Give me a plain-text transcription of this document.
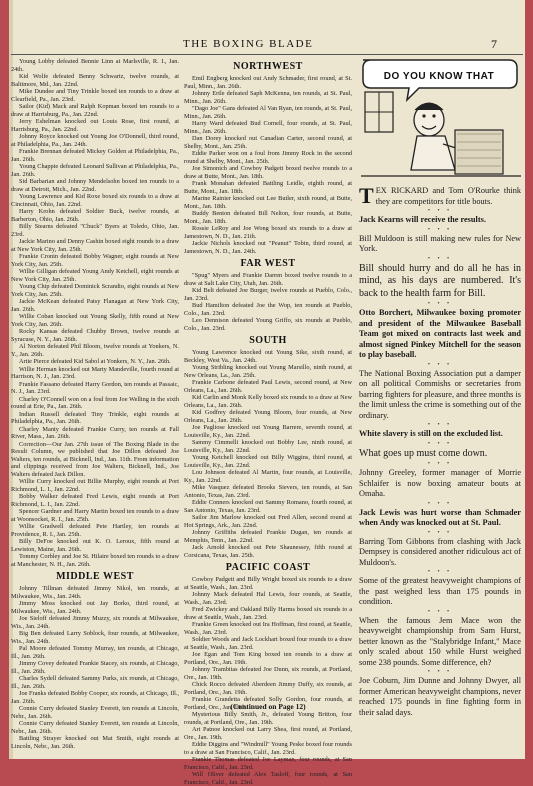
THE BOXING BLADE	7

Young Lobby defeated Bennie Linn at Marlsville, R. I., Jan. 24th.

Kid Wolfe defeated Benny Schwartz, twelve rounds, at Baltimore, Md., Jan. 22nd.

Mike Dundee and Tiny Trinkle boxed ten rounds to a draw at Clearfield, Pa., Jan. 23rd.

Sailor (Kid) Mack and Ralph Kopman boxed ten rounds to a draw at Harrisburg, Pa., Jan. 22nd.

Jerry Eshelman knocked out Louis Rose, first round, at Harrisburg, Pa., Jan. 22nd.

Johnny Royce knocked out Young Joe O'Donnell, third round, at Philadelphia, Pa., Jan. 24th.

Frankie Brennan defeated Mickey Golden at Philadelphia, Pa., Jan. 26th.

Young Chappie defeated Leonard Sullivan at Philadelphia, Pa., Jan. 26th.

Sid Barbarian and Johnny Mendelsohn boxed ten rounds to a draw at Detroit, Mich., Jan. 22nd.

Young Lawrence and Kid Roxe boxed six rounds to a draw at Cincinnati, Ohio, Jan. 22nd.

Harry Krohn defeated Soldier Buck, twelve rounds, at Barberton, Ohio, Jan. 26th.

Billy Stearns defeated "Chuck" Byers at Toledo, Ohio, Jan. 23rd.

Jackie Marino and Denny Cashin boxed eight rounds to a draw at New York City, Jan. 25th.

Frankie Cronin defeated Bobby Wagner, eight rounds at New York City, Jan. 25th.

Willie Gilligan defeated Young Andy Ketchell, eight rounds at New York City, Jan. 25th.

Young Chip defeated Dominick Scrandio, eight rounds at New York City, Jan. 25th.

Jackie McKean defeated Patsy Flanagan at New York City, Jan. 26th.

Willie Coban knocked out Young Skelly, fifth round at New York City, Jan. 26th.

Rocky Kansas defeated Chubby Brown, twelve rounds at Syracuse, N. Y., Jan. 26th.

Al Norton defeated Phil Bloom, twelve rounds at Yonkers, N. Y., Jan. 26th.

Artie Pierce defeated Kid Sabol at Yonkers, N. Y., Jan. 26th.

Willie Herman knocked out Marty Mandeville, fourth round at Harrison, N. J., Jan. 23rd.

Frankie Fassano defeated Harry Gordon, ten rounds at Passaic, N. J., Jan. 23rd.

Charley O'Connell won on a foul from Joe Welling in the sixth round at Erie, Pa., Jan. 26th.

Indian Russell defeated Tiny Trinkle, eight rounds at Philadelphia, Pa., Jan. 26th.

Charley Manty defeated Frankie Curry, ten rounds at Fall River, Mass., Jan. 26th.

Correction—Our Jan. 27th issue of The Boxing Blade in the Result Column, we published that Joe Dillon defeated Joe Walters, ten rounds, at Bicknell, Ind., Jan. 11th. From information and clippings received from Joe Walters, Bicknell, Ind., Joe Walters defeated Jack Dillon.

Willie Curry knocked out Billie Murphy, eight rounds at Port Richmond, L. I., Jan. 22nd.

Bobby Walker defeated Fred Lewis, eight rounds at Port Richmond, L. I., Jan. 22nd.

Spencer Gardner and Harry Martin boxed ten rounds to a draw at Woonsocket, R. I., Jan. 25th.

Willie Gradwell defeated Pete Hartley, ten rounds at Providence, R. I., Jan. 25th.

Billy DeFoe knocked out K. O. Leroux, fifth round at Lewiston, Maine, Jan. 26th.

Tommy Corbley and Joe St. Hilaire boxed ten rounds to a draw at Manchester, N. H., Jan. 26th.

MIDDLE WEST

Johnny Tillman defeated Jimmy Nikol, ten rounds, at Milwaukee, Wis., Jan. 24th.

Jimmy Moss knocked out Jay Borko, third round, at Milwaukee, Wis., Jan. 24th.

Joe Sieloff defeated Jimmy Muzzy, six rounds at Milwaukee, Wis., Jan. 24th.

Big Ben defeated Larry Soblock, four rounds, at Milwaukee, Wis., Jan. 24th.

Pal Moore defeated Tommy Murray, ten rounds, at Chicago, Ill., Jan. 26th.

Jimmy Covey defeated Frankie Stacey, six rounds, at Chicago, Ill., Jan. 26th.

Charles Sydell defeated Sammy Parks, six rounds, at Chicago, Ill., Jan. 26th.

Joe Franks defeated Bobby Cooper, six rounds, at Chicago, Ill., Jan. 26th.

Connie Curry defeated Stanley Everett, ten rounds at Lincoln, Nebr., Jan. 26th.

Connie Curry defeated Stanley Everett, ten rounds at Lincoln, Nebr., Jan. 26th.

Battling Strayer knocked out Mat Smith, eight rounds at Lincoln, Nebr., Jan. 26th.

NORTHWEST

Emil Engberg knocked out Andy Schmader, first round, at St. Paul, Minn., Jan. 26th.

Johnny Ertle defeated Saph McKenna, ten rounds, at St. Paul, Minn., Jan. 26th.

"Dago Joe" Gans defeated Al Van Ryan, ten rounds, at St. Paul, Minn., Jan. 26th.

Harry Ward defeated Bud Cornell, four rounds, at St. Paul, Minn., Jan. 26th.

Dan Dorey knocked out Canadian Carter, second round, at Shelby, Mont., Jan. 25th.

Eddie Parker won on a foul from Jimmy Rock in the second round at Shelby, Mont., Jan. 25th.

Joe Simonich and Cowboy Padgett boxed twelve rounds to a draw at Butte, Mont., Jan. 18th.

Frank Monahan defeated Battling Leidle, eighth round, at Butte, Mont., Jan. 18th.

Marine Rainier knocked out Lee Butler, sixth round, at Butte, Mont., Jan. 18th.

Buddy Benton defeated Bill Nelton, four rounds, at Butte, Mont., Jan. 18th.

Rossie LeRoy and Joe Wong boxed six rounds to a draw at Jamestown, N. D., Jan. 21th.

Jackie Nichols knocked out "Peanut" Tobin, third round, at Jamestown, N. D., Jan. 24th.

FAR WEST

"Spug" Myers and Frankie Darren boxed twelve rounds to a draw at Salt Lake City, Utah, Jan. 26th.

Kid Belt defeated Joe Burger, twelve rounds at Pueblo, Colo., Jan. 23rd.

Bud Hamilton defeated Joe the Wop, ten rounds at Pueblo, Colo., Jan. 23rd.

Leo Dennison defeated Young Griffo, six rounds at Pueblo, Colo., Jan. 23rd.

SOUTH

Young Lawrence knocked out Young Sike, sixth round, at Beckley, West Va., Jan. 24th.

Young Stribling knocked out Young Marsillo, ninth round, at New Orleans, La., Jan. 25th.

Frankie Carbone defeated Paul Lewis, second round, at New Orleans, La., Jan. 26th.

Kid Carlin and Monk Kelly boxed six rounds to a draw at New Orleans, La., Jan. 26th.

Kid Godfrey defeated Young Bloom, four rounds, at New Orleans, La., Jan. 26th.

Joe Pagliose knocked out Young Barrere, seventh round, at Louisville, Ky., Jan. 22nd.

Sammy Cimmelli knocked out Bobby Lee, ninth round, at Louisville, Ky., Jan. 22nd.

Young Ketchell knocked out Billy Wiggins, third round, at Louisville, Ky., Jan. 22nd.

Lou Johnson defeated Al Martin, four rounds, at Louisville, Ky., Jan. 22nd.

Mike Vasquez defeated Brooks Sievers, ten rounds, at San Antonio, Texas, Jan. 23rd.

Eddie Conners knocked out Sammy Romano, fourth round, at San Antonio, Texas, Jan. 23rd.

Sailor Jim Marlow knocked out Fred Allen, second round at Hot Springs, Ark., Jan. 22nd.

Johnny Griffiths defeated Frankie Dugan, ten rounds at Memphis, Tenn., Jan. 22nd.

Jack Arnold knocked out Pete Shaunessey, fifth round at Corsicana, Texas, Jan. 25th.

PACIFIC COAST

Cowboy Padgett and Billy Wright boxed six rounds to a draw at Seattle, Wash., Jan. 23rd.

Johnny Mack defeated Hal Lewis, four rounds, at Seattle, Wash., Jan. 23rd.

Fred Zwickey and Oakland Billy Harms boxed six rounds to a draw at Seattle, Wash., Jan. 23rd.

Frankie Green knocked out Ira Hoffman, first round, at Seattle, Wash., Jan. 23rd.

Soldier Woods and Jack Lockhart boxed four rounds to a draw at Seattle, Wash., Jan. 23rd.

Joe Egan and Tom King boxed ten rounds to a draw at Portland, Ore., Jan. 19th.

Johnny Trambitas defeated Joe Dunn, six rounds, at Portland, Ore., Jan. 19th.

Chick Rocco defeated Aberdeen Jimmy Duffy, six rounds, at Portland, Ore., Jan. 19th.

Frankie Grandetta defeated Solly Gordon, four rounds, at Portland, Ore., Jan. 19th.

Mysterious Billy Smith, Jr., defeated Young Britton, four rounds, at Portland, Ore., Jan. 19th.

Art Patnoe knocked out Larry Shea, first round, at Portland, Ore., Jan. 19th.

Eddie Diggins and "Windmill" Young Peske boxed four rounds to a draw at San Francisco, Calif., Jan. 23rd.

Frankie Thomas defeated Joe Layman, four rounds, at San Francisco, Calif., Jan. 23rd.

Will Oliver defeated Alex Tasloff, four rounds, at San Francisco, Calif., Jan. 23rd.

(Continued on Page 12)
DO YOU KNOW THAT

TEX RICKARD and Tom O'Rourke think they are competitors for title bouts.

• • •

Jack Kearns will receive the results.

• • •

Bill Muldoon is still making new rules for New York.

• • •

Bill should hurry and do all he has in mind, as his days are numbered. It's back to the health farm for Bill.

• • •

Otto Borchert, Milwaukee boxing promoter and president of the Milwaukee Baseball Team got mixed on contracts last week and almost signed Pinkey Mitchell for the season to play baseball.

• • •

The National Boxing Association put a damper on all political Commishs or secretaries from barring fighters for pleasure, and three months is the limit unless the crime is something out of the ordinary.

• • •

White slavery is still on the excluded list.

• • •

What goes up must come down.

• • •

Johnny Greeley, former manager of Morrie Schlaifer is now boxing amateur bouts at Omaha.

• • •

Jack Lewis was hurt worse than Schmader when Andy was knocked out at St. Paul.

• • •

Barring Tom Gibbons from clashing with Jack Dempsey is considered another ridiculous act of Muldoon's.

• • •

Some of the greatest heavyweight champions of the past weighed less than 175 pounds in condition.

• • •

When the famous Jem Mace won the heavyweight championship from Sam Hurst, better known as the "Stalybridge Infant," Mace only scaled about 150 while Hurst weighed some 238 pounds. Some difference, eh?

• • •

Joe Coburn, Jim Dunne and Johnny Dwyer, all former American heavyweight champions, never reached 175 pounds in fine fighting form in their salad days.
